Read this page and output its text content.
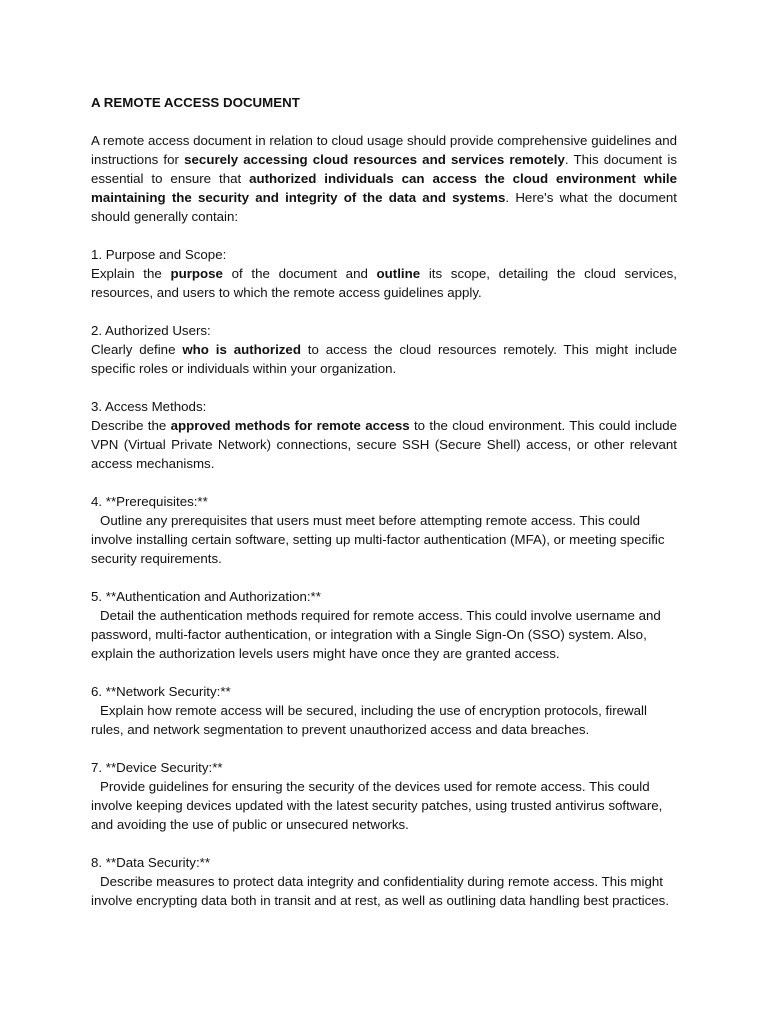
A REMOTE ACCESS DOCUMENT

A remote access document in relation to cloud usage should provide comprehensive guidelines and instructions for securely accessing cloud resources and services remotely. This document is essential to ensure that authorized individuals can access the cloud environment while maintaining the security and integrity of the data and systems. Here's what the document should generally contain:

1. Purpose and Scope:

Explain the purpose of the document and outline its scope, detailing the cloud services, resources, and users to which the remote access guidelines apply.

2. Authorized Users:

Clearly define who is authorized to access the cloud resources remotely. This might include specific roles or individuals within your organization.

3. Access Methods:

Describe the approved methods for remote access to the cloud environment. This could include VPN (Virtual Private Network) connections, secure SSH (Secure Shell) access, or other relevant access mechanisms.

4. **Prerequisites:**

Outline any prerequisites that users must meet before attempting remote access. This could involve installing certain software, setting up multi-factor authentication (MFA), or meeting specific security requirements.

5. **Authentication and Authorization:**

Detail the authentication methods required for remote access. This could involve username and password, multi-factor authentication, or integration with a Single Sign-On (SSO) system. Also, explain the authorization levels users might have once they are granted access.

6. **Network Security:**

Explain how remote access will be secured, including the use of encryption protocols, firewall rules, and network segmentation to prevent unauthorized access and data breaches.

7. **Device Security:**

Provide guidelines for ensuring the security of the devices used for remote access. This could involve keeping devices updated with the latest security patches, using trusted antivirus software, and avoiding the use of public or unsecured networks.

8. **Data Security:**

Describe measures to protect data integrity and confidentiality during remote access. This might involve encrypting data both in transit and at rest, as well as outlining data handling best practices.
